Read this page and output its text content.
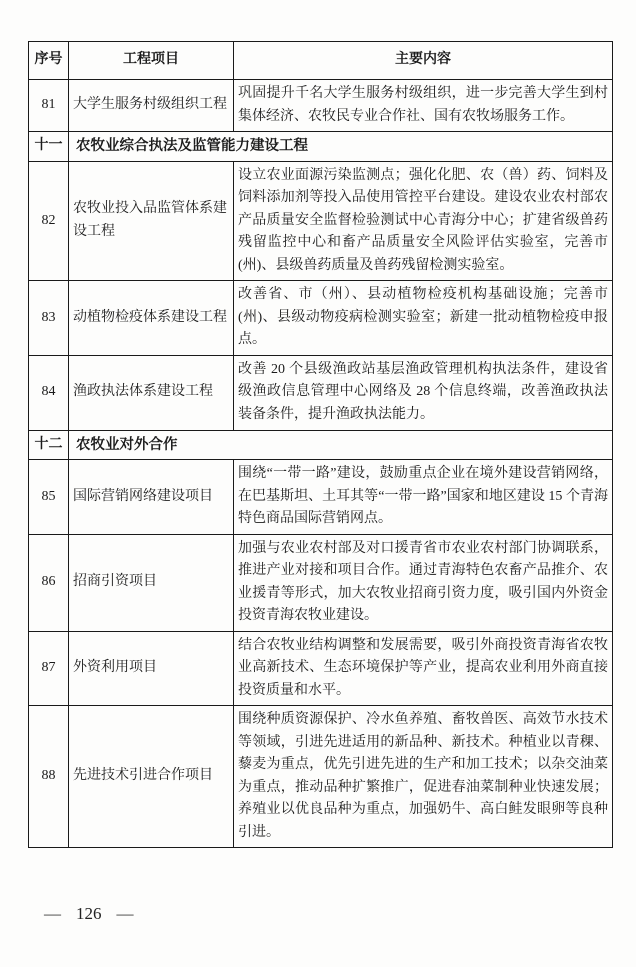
序号	工程项目	主要内容
81	大学生服务村级组织工程	巩固提升千名大学生服务村级组织，进一步完善大学生到村集体经济、农牧民专业合作社、国有农牧场服务工作。
十一	农牧业综合执法及监管能力建设工程	
82	农牧业投入品监管体系建设工程	设立农业面源污染监测点；强化化肥、农（兽）药、饲料及饲料添加剂等投入品使用管控平台建设。建设农业农村部农产品质量安全监督检验测试中心青海分中心；扩建省级兽药残留监控中心和畜产品质量安全风险评估实验室，完善市(州)、县级兽药质量及兽药残留检测实验室。
83	动植物检疫体系建设工程	改善省、市（州）、县动植物检疫机构基础设施；完善市(州)、县级动物疫病检测实验室；新建一批动植物检疫申报点。
84	渔政执法体系建设工程	改善 20 个县级渔政站基层渔政管理机构执法条件，建设省级渔政信息管理中心网络及 28 个信息终端，改善渔政执法装备条件，提升渔政执法能力。
十二	农牧业对外合作	
85	国际营销网络建设项目	围绕“一带一路”建设，鼓励重点企业在境外建设营销网络，在巴基斯坦、土耳其等“一带一路”国家和地区建设 15 个青海特色商品国际营销网点。
86	招商引资项目	加强与农业农村部及对口援青省市农业农村部门协调联系，推进产业对接和项目合作。通过青海特色农畜产品推介、农业援青等形式，加大农牧业招商引资力度，吸引国内外资金投资青海农牧业建设。
87	外资利用项目	结合农牧业结构调整和发展需要，吸引外商投资青海省农牧业高新技术、生态环境保护等产业，提高农业利用外商直接投资质量和水平。
88	先进技术引进合作项目	围绕种质资源保护、冷水鱼养殖、畜牧兽医、高效节水技术等领域，引进先进适用的新品种、新技术。种植业以青稞、藜麦为重点，优先引进先进的生产和加工技术；以杂交油菜为重点，推动品种扩繁推广，促进春油菜制种业快速发展；养殖业以优良品种为重点，加强奶牛、高白鲑发眼卵等良种引进。
— 126 —
